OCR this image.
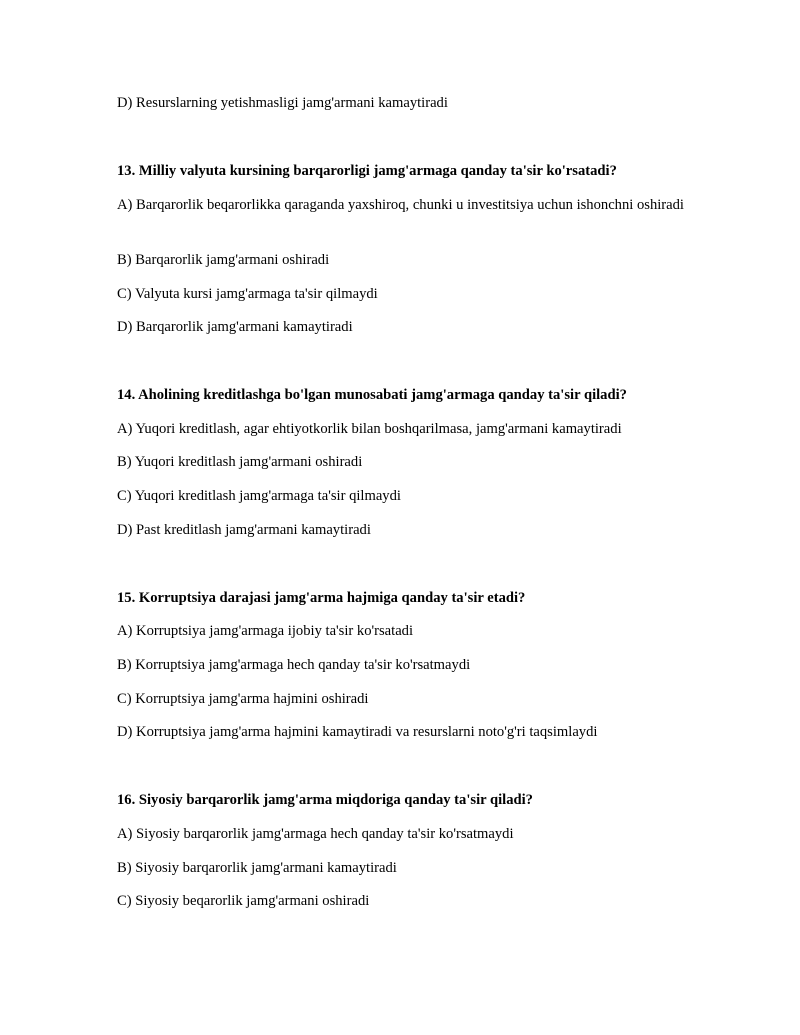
D) Resurslarning yetishmasligi jamg'armani kamaytiradi
13. Milliy valyuta kursining barqarorligi jamg'armaga qanday ta'sir ko'rsatadi?
A) Barqarorlik beqarorlikka qaraganda yaxshiroq, chunki u investitsiya uchun ishonchni oshiradi
B) Barqarorlik jamg'armani oshiradi
C) Valyuta kursi jamg'armaga ta'sir qilmaydi
D) Barqarorlik jamg'armani kamaytiradi
14. Aholining kreditlashga bo'lgan munosabati jamg'armaga qanday ta'sir qiladi?
A) Yuqori kreditlash, agar ehtiyotkorlik bilan boshqarilmasa, jamg'armani kamaytiradi
B) Yuqori kreditlash jamg'armani oshiradi
C) Yuqori kreditlash jamg'armaga ta'sir qilmaydi
D) Past kreditlash jamg'armani kamaytiradi
15. Korruptsiya darajasi jamg'arma hajmiga qanday ta'sir etadi?
A) Korruptsiya jamg'armaga ijobiy ta'sir ko'rsatadi
B) Korruptsiya jamg'armaga hech qanday ta'sir ko'rsatmaydi
C) Korruptsiya jamg'arma hajmini oshiradi
D) Korruptsiya jamg'arma hajmini kamaytiradi va resurslarni noto'g'ri taqsimlaydi
16. Siyosiy barqarorlik jamg'arma miqdoriga qanday ta'sir qiladi?
A) Siyosiy barqarorlik jamg'armaga hech qanday ta'sir ko'rsatmaydi
B) Siyosiy barqarorlik jamg'armani kamaytiradi
C) Siyosiy beqarorlik jamg'armani oshiradi
